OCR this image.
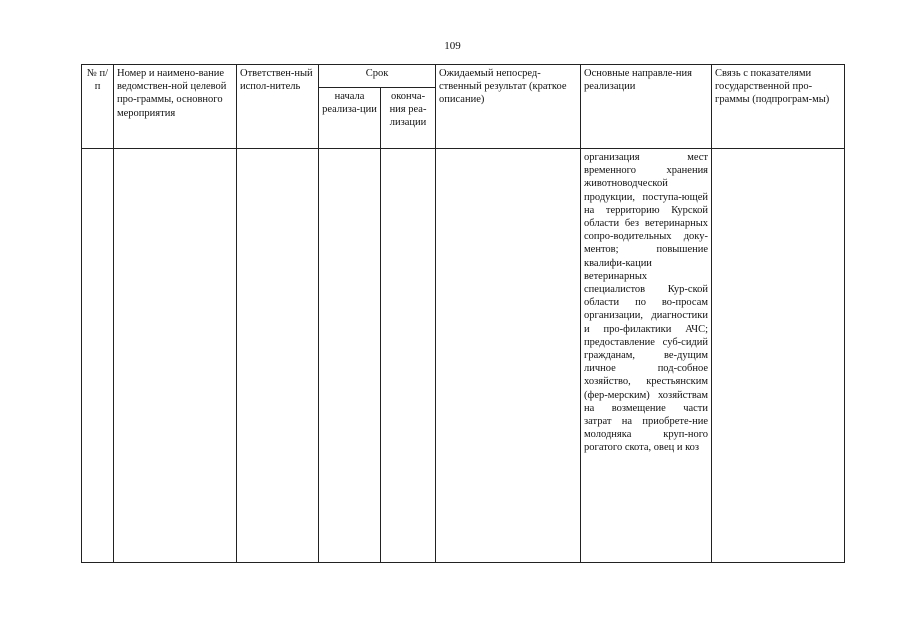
109
№ п/п	Номер и наимено-вание ведомствен-ной целевой про-граммы, основного мероприятия	Ответствен-ный испол-нитель	Срок		Ожидаемый непосред-ственный результат (краткое описание)	Основные направле-ния реализации	Связь с показателями государственной про-граммы (подпрограм-мы)
			начала реализа-ции	оконча-ния реа-лизации			
						организация мест временного хранения животноводческой продукции, поступа-ющей на территорию Курской области без ветеринарных сопро-водительных доку-ментов; повышение квалифи-кации ветеринарных специалистов Кур-ской области по во-просам организации, диагностики и про-филактики АЧС; предоставление суб-сидий гражданам, ве-дущим личное под-собное хозяйство, крестьянским (фер-мерским) хозяйствам на возмещение части затрат на приобрете-ние молодняка круп-ного рогатого скота, овец и коз	
